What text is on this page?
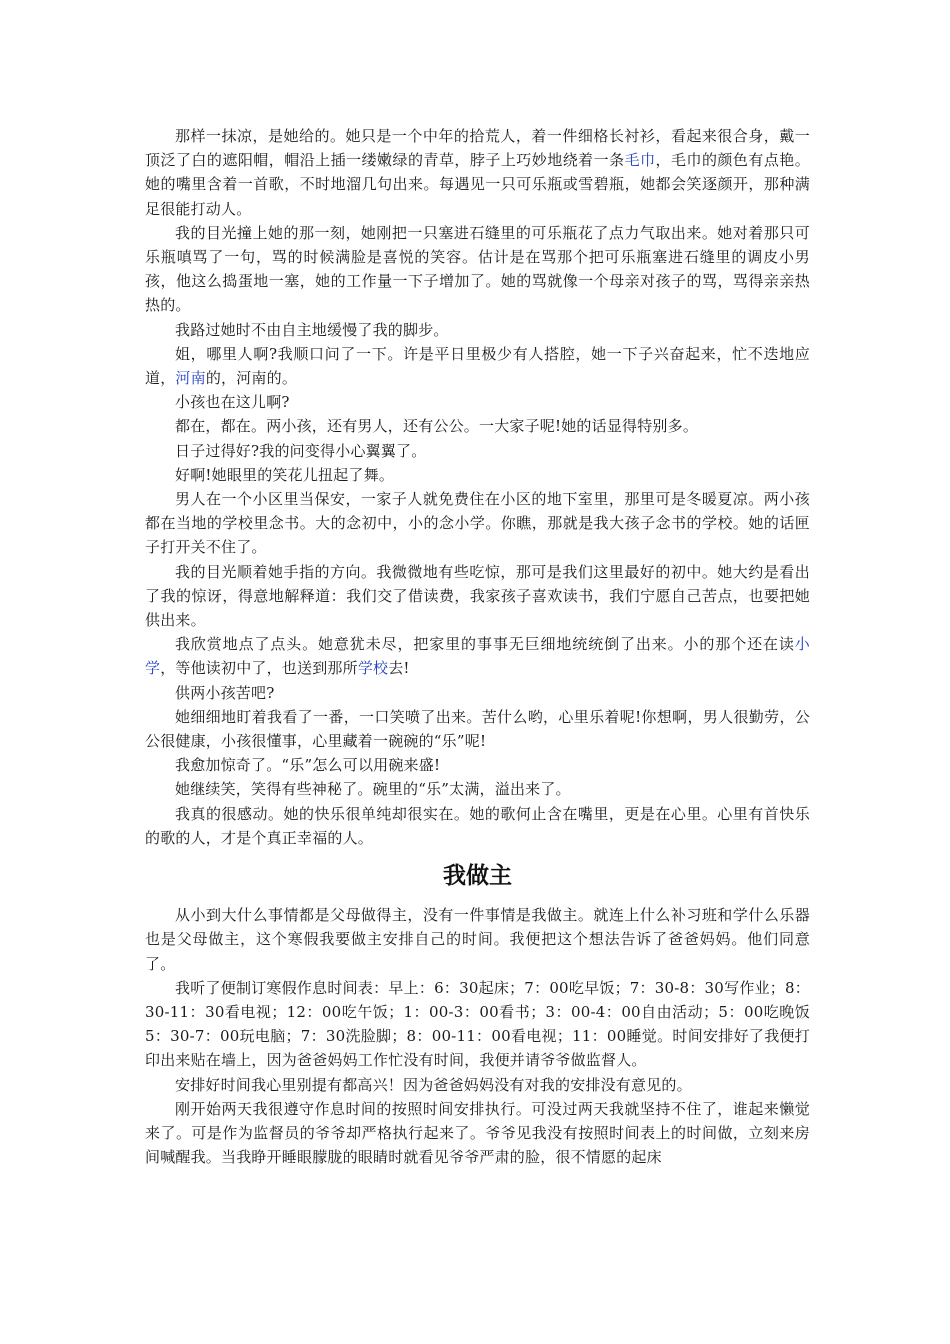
那样一抹凉，是她给的。她只是一个中年的拾荒人，着一件细格长衬衫，看起来很合身，戴一顶泛了白的遮阳帽，帽沿上插一缕嫩绿的青草，脖子上巧妙地绕着一条毛巾，毛巾的颜色有点艳。她的嘴里含着一首歌，不时地溜几句出来。每遇见一只可乐瓶或雪碧瓶，她都会笑逐颜开，那种满足很能打动人。

我的目光撞上她的那一刻，她刚把一只塞进石缝里的可乐瓶花了点力气取出来。她对着那只可乐瓶嗔骂了一句，骂的时候满脸是喜悦的笑容。估计是在骂那个把可乐瓶塞进石缝里的调皮小男孩，他这么捣蛋地一塞，她的工作量一下子增加了。她的骂就像一个母亲对孩子的骂，骂得亲亲热热的。

我路过她时不由自主地缓慢了我的脚步。

姐，哪里人啊?我顺口问了一下。许是平日里极少有人搭腔，她一下子兴奋起来，忙不迭地应道，河南的，河南的。

小孩也在这儿啊?

都在，都在。两小孩，还有男人，还有公公。一大家子呢!她的话显得特别多。

日子过得好?我的问变得小心翼翼了。

好啊!她眼里的笑花儿扭起了舞。

男人在一个小区里当保安，一家子人就免费住在小区的地下室里，那里可是冬暖夏凉。两小孩都在当地的学校里念书。大的念初中，小的念小学。你瞧，那就是我大孩子念书的学校。她的话匣子打开关不住了。

我的目光顺着她手指的方向。我微微地有些吃惊，那可是我们这里最好的初中。她大约是看出了我的惊讶，得意地解释道：我们交了借读费，我家孩子喜欢读书，我们宁愿自己苦点，也要把她供出来。

我欣赏地点了点头。她意犹未尽，把家里的事事无巨细地统统倒了出来。小的那个还在读小学，等他读初中了，也送到那所学校去!

供两小孩苦吧?

她细细地盯着我看了一番，一口笑喷了出来。苦什么哟，心里乐着呢!你想啊，男人很勤劳，公公很健康，小孩很懂事，心里藏着一碗碗的“乐”呢!

我愈加惊奇了。“乐”怎么可以用碗来盛!

她继续笑，笑得有些神秘了。碗里的“乐”太满，溢出来了。

我真的很感动。她的快乐很单纯却很实在。她的歌何止含在嘴里，更是在心里。心里有首快乐的歌的人，才是个真正幸福的人。

我做主

从小到大什么事情都是父母做得主，没有一件事情是我做主。就连上什么补习班和学什么乐器也是父母做主，这个寒假我要做主安排自己的时间。我便把这个想法告诉了爸爸妈妈。他们同意了。

我听了便制订寒假作息时间表：早上：6：30起床；7：00吃早饭；7：30-8：30写作业；8：30-11：30看电视；12：00吃午饭；1：00-3：00看书；3：00-4：00自由活动；5：00吃晚饭5：30-7：00玩电脑；7：30洗脸脚；8：00-11：00看电视；11：00睡觉。时间安排好了我便打印出来贴在墙上，因为爸爸妈妈工作忙没有时间，我便并请爷爷做监督人。

安排好时间我心里别提有都高兴！因为爸爸妈妈没有对我的安排没有意见的。

刚开始两天我很遵守作息时间的按照时间安排执行。可没过两天我就坚持不住了，谁起来懒觉来了。可是作为监督员的爷爷却严格执行起来了。爷爷见我没有按照时间表上的时间做，立刻来房间喊醒我。当我睁开睡眼朦胧的眼睛时就看见爷爷严肃的脸，很不情愿的起床
